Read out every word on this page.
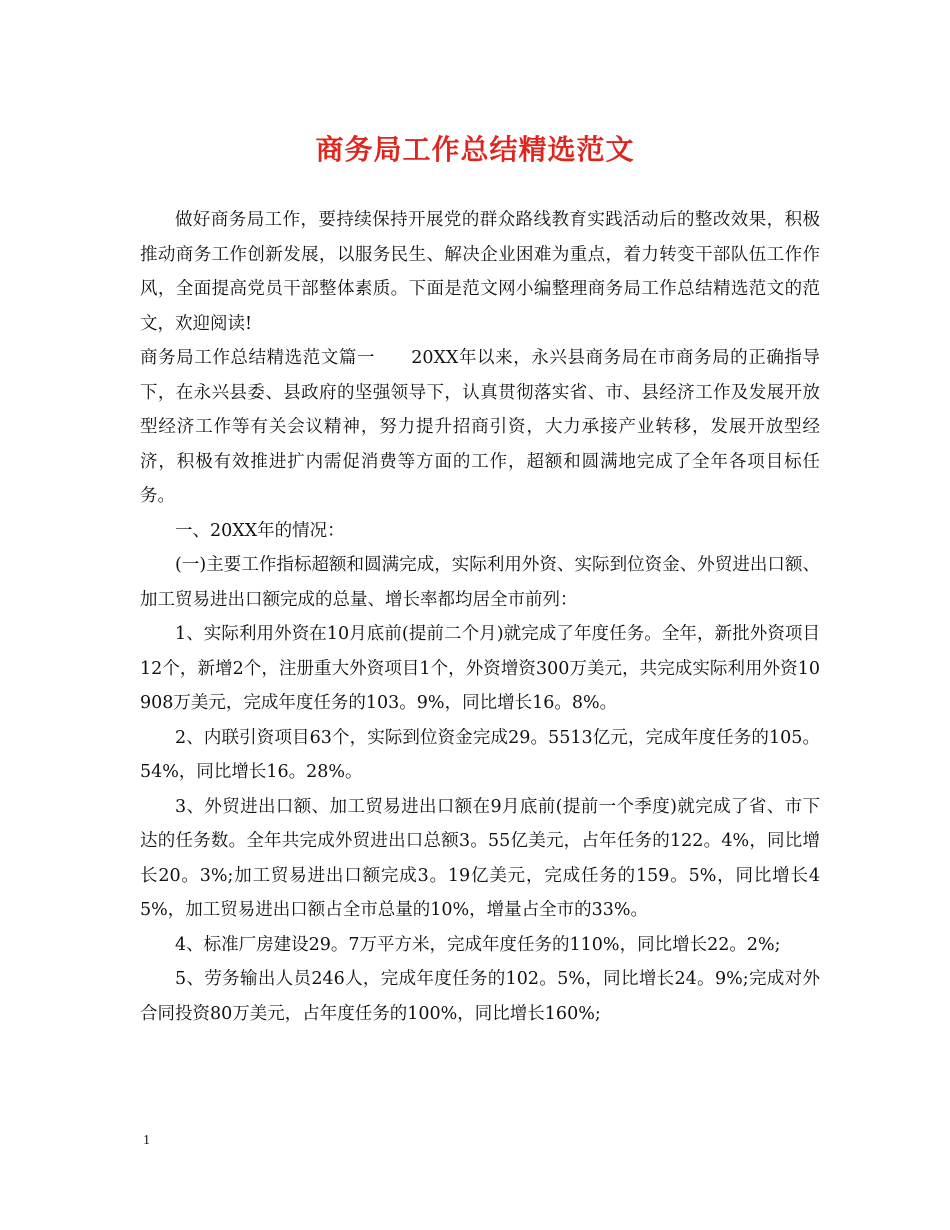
商务局工作总结精选范文

做好商务局工作，要持续保持开展党的群众路线教育实践活动后的整改效果，积极推动商务工作创新发展，以服务民生、解决企业困难为重点，着力转变干部队伍工作作风，全面提高党员干部整体素质。下面是范文网小编整理商务局工作总结精选范文的范文，欢迎阅读!

商务局工作总结精选范文篇一　　20XX年以来，永兴县商务局在市商务局的正确指导下，在永兴县委、县政府的坚强领导下，认真贯彻落实省、市、县经济工作及发展开放型经济工作等有关会议精神，努力提升招商引资，大力承接产业转移，发展开放型经济，积极有效推进扩内需促消费等方面的工作，超额和圆满地完成了全年各项目标任务。

一、20XX年的情况：

(一)主要工作指标超额和圆满完成，实际利用外资、实际到位资金、外贸进出口额、加工贸易进出口额完成的总量、增长率都均居全市前列：

1、实际利用外资在10月底前(提前二个月)就完成了年度任务。全年，新批外资项目12个，新增2个，注册重大外资项目1个，外资增资300万美元，共完成实际利用外资10908万美元，完成年度任务的103。9%，同比增长16。8%。

2、内联引资项目63个，实际到位资金完成29。5513亿元，完成年度任务的105。54%，同比增长16。28%。

3、外贸进出口额、加工贸易进出口额在9月底前(提前一个季度)就完成了省、市下达的任务数。全年共完成外贸进出口总额3。55亿美元，占年任务的122。4%，同比增长20。3%;加工贸易进出口额完成3。19亿美元，完成任务的159。5%，同比增长45%，加工贸易进出口额占全市总量的10%，增量占全市的33%。

4、标准厂房建设29。7万平方米，完成年度任务的110%，同比增长22。2%;

5、劳务输出人员246人，完成年度任务的102。5%，同比增长24。9%;完成对外合同投资80万美元，占年度任务的100%，同比增长160%;

1
